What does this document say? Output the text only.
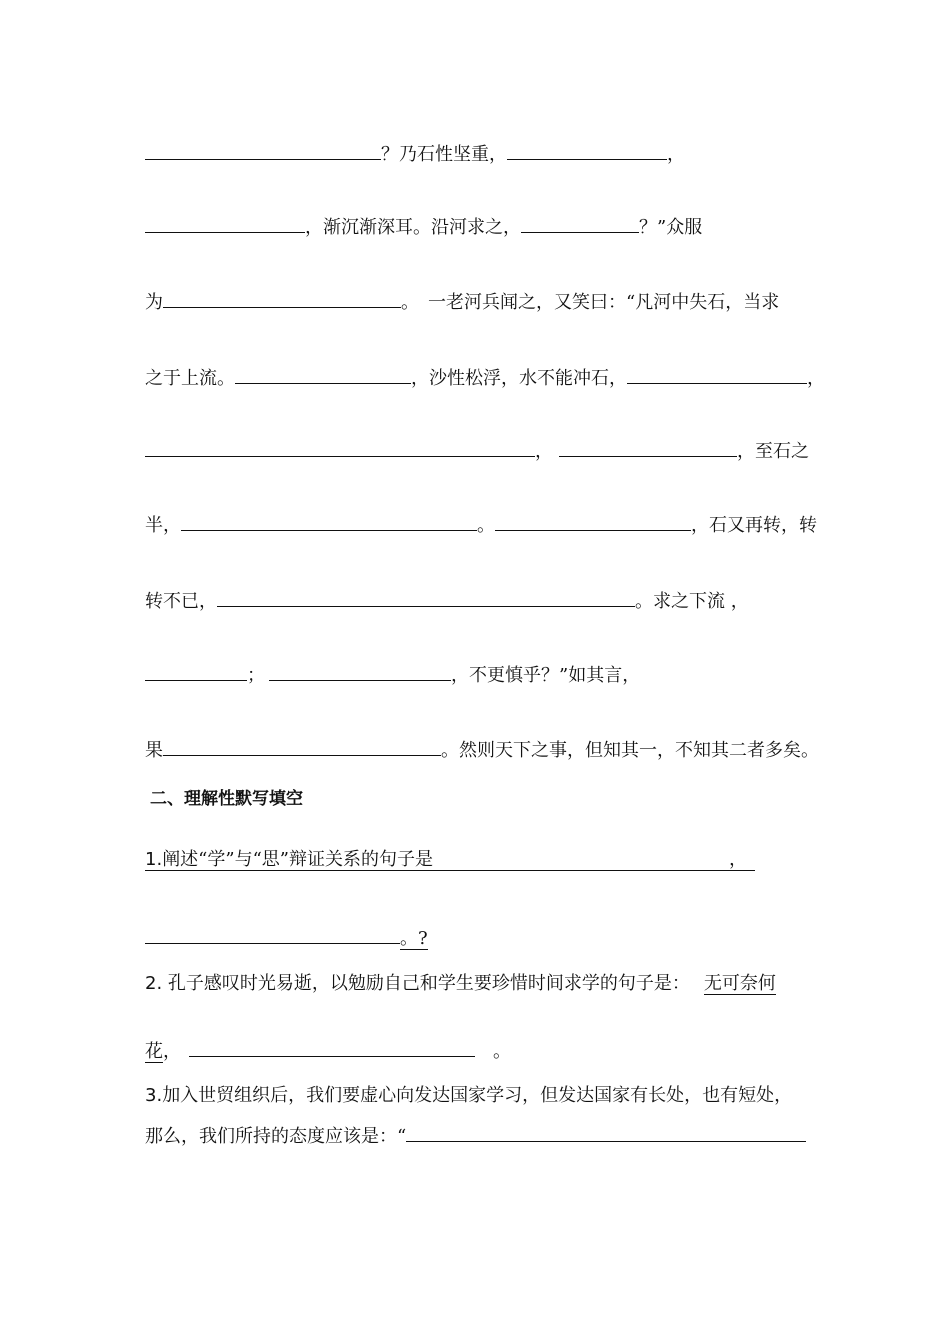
？乃石性坚重，	，
，渐沉渐深耳。沿河求之，	？”众服
为	。　一老河兵闻之，又笑曰：“凡河中失石，当求
之于上流。	，沙性松浮，水不能冲石，	，
，	，至石之
半，	。	，石又再转，转
转不已，	。求之下流 ，
；	，不更慎乎？”如其言，
果	。然则天下之事，但知其一，不知其二者多矣。
二、理解性默写填空
1.阐述“学”与“思”辩证关系的句子是	，
。?
2. 孔子感叹时光易逝，以勉励自己和学生要珍惜时间求学的句子是： 无可奈何
花，	。
3.加入世贸组织后，我们要虚心向发达国家学习，但发达国家有长处，也有短处，
那么，我们所持的态度应该是：“
